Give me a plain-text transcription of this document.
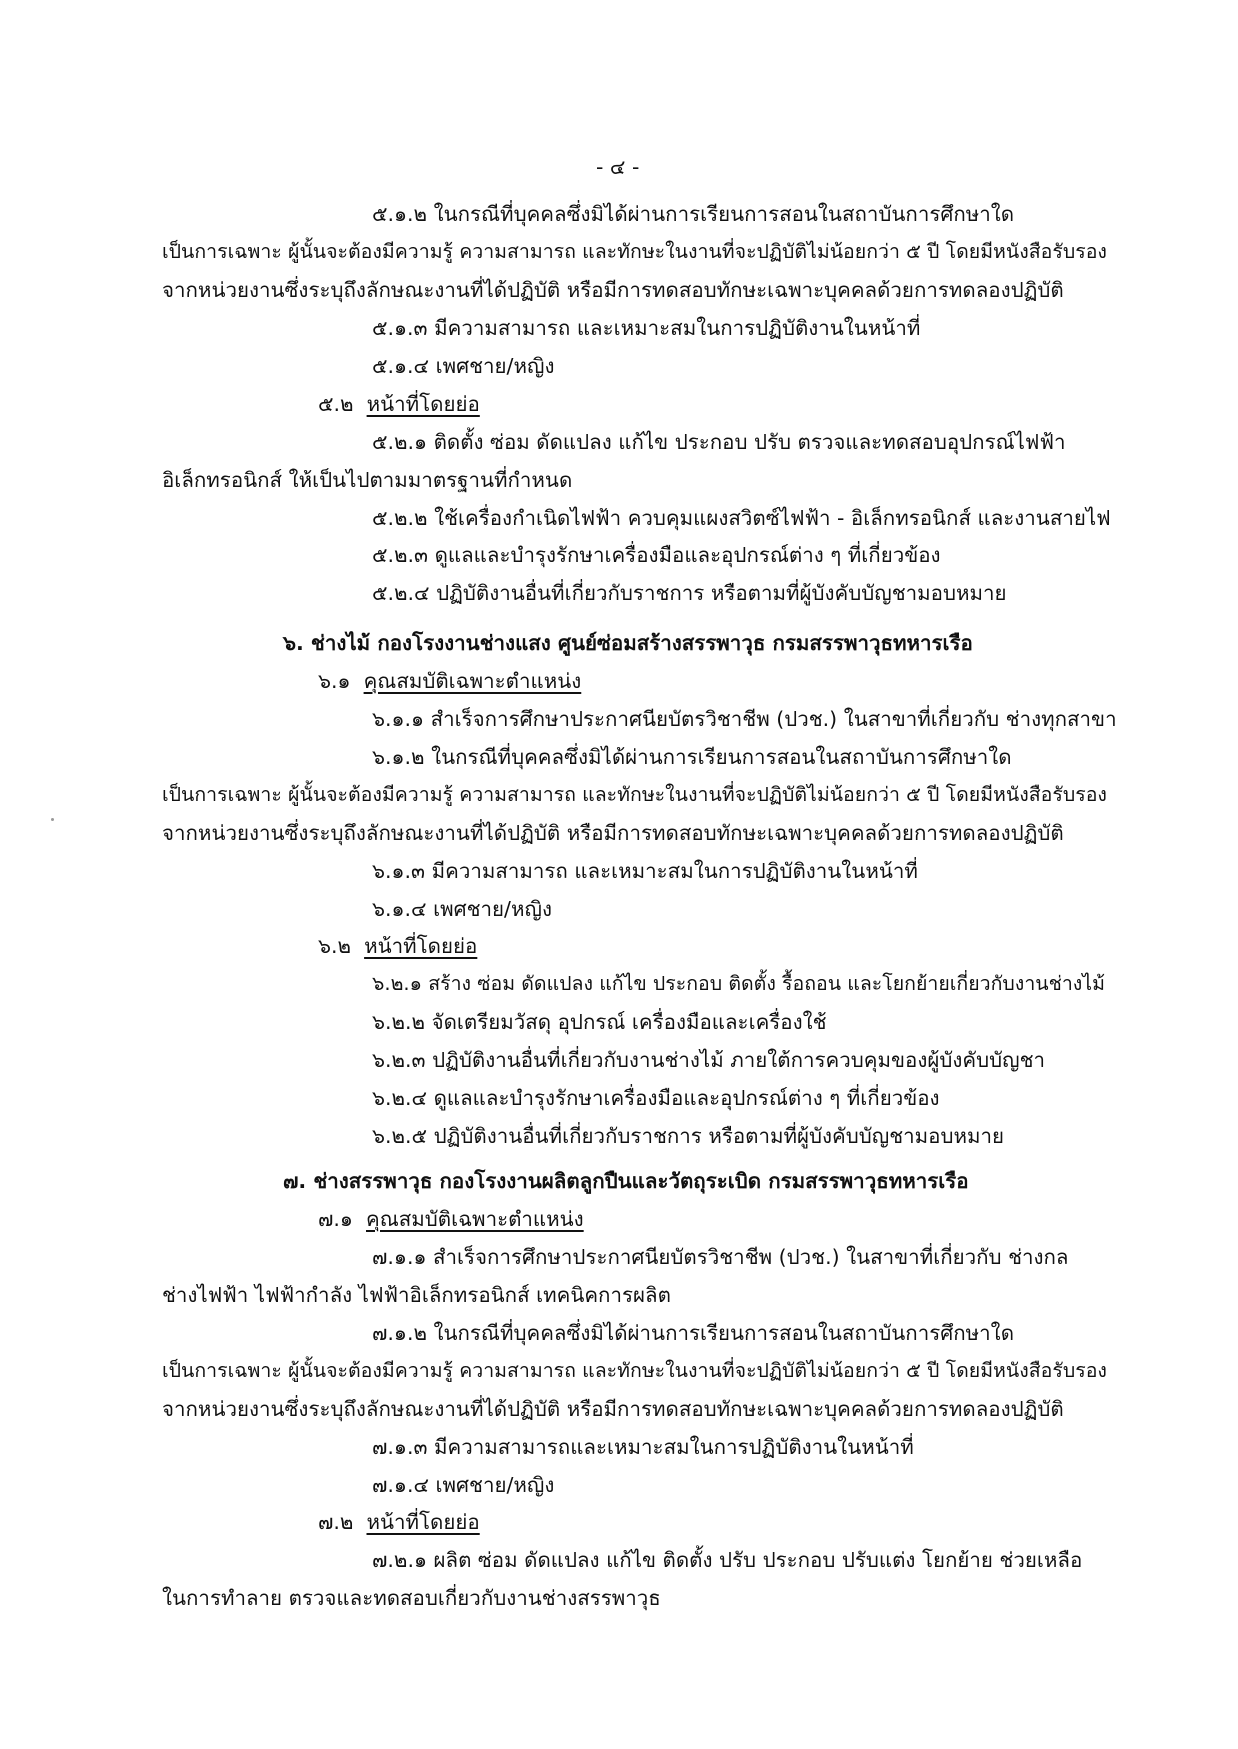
- ๔ -
๕.๑.๒ ในกรณีที่บุคคลซึ่งมิได้ผ่านการเรียนการสอนในสถาบันการศึกษาใด
เป็นการเฉพาะ ผู้นั้นจะต้องมีความรู้ ความสามารถ และทักษะในงานที่จะปฏิบัติไม่น้อยกว่า ๕ ปี โดยมีหนังสือรับรอง
จากหน่วยงานซึ่งระบุถึงลักษณะงานที่ได้ปฏิบัติ หรือมีการทดสอบทักษะเฉพาะบุคคลด้วยการทดลองปฏิบัติ
๕.๑.๓ มีความสามารถ และเหมาะสมในการปฏิบัติงานในหน้าที่
๕.๑.๔ เพศชาย/หญิง
๕.๒ หน้าที่โดยย่อ
๕.๒.๑ ติดตั้ง ซ่อม ดัดแปลง แก้ไข ประกอบ ปรับ ตรวจและทดสอบอุปกรณ์ไฟฟ้า
อิเล็กทรอนิกส์ ให้เป็นไปตามมาตรฐานที่กำหนด
๕.๒.๒ ใช้เครื่องกำเนิดไฟฟ้า ควบคุมแผงสวิตซ์ไฟฟ้า - อิเล็กทรอนิกส์ และงานสายไฟ
๕.๒.๓ ดูแลและบำรุงรักษาเครื่องมือและอุปกรณ์ต่าง ๆ ที่เกี่ยวข้อง
๕.๒.๔ ปฏิบัติงานอื่นที่เกี่ยวกับราชการ หรือตามที่ผู้บังคับบัญชามอบหมาย
๖. ช่างไม้ กองโรงงานช่างแสง ศูนย์ซ่อมสร้างสรรพาวุธ กรมสรรพาวุธทหารเรือ
๖.๑ คุณสมบัติเฉพาะตำแหน่ง
๖.๑.๑ สำเร็จการศึกษาประกาศนียบัตรวิชาชีพ (ปวช.) ในสาขาที่เกี่ยวกับ ช่างทุกสาขา
๖.๑.๒ ในกรณีที่บุคคลซึ่งมิได้ผ่านการเรียนการสอนในสถาบันการศึกษาใด
เป็นการเฉพาะ ผู้นั้นจะต้องมีความรู้ ความสามารถ และทักษะในงานที่จะปฏิบัติไม่น้อยกว่า ๕ ปี โดยมีหนังสือรับรอง
จากหน่วยงานซึ่งระบุถึงลักษณะงานที่ได้ปฏิบัติ หรือมีการทดสอบทักษะเฉพาะบุคคลด้วยการทดลองปฏิบัติ
๖.๑.๓ มีความสามารถ และเหมาะสมในการปฏิบัติงานในหน้าที่
๖.๑.๔ เพศชาย/หญิง
๖.๒ หน้าที่โดยย่อ
๖.๒.๑ สร้าง ซ่อม ดัดแปลง แก้ไข ประกอบ ติดตั้ง รื้อถอน และโยกย้ายเกี่ยวกับงานช่างไม้
๖.๒.๒ จัดเตรียมวัสดุ อุปกรณ์ เครื่องมือและเครื่องใช้
๖.๒.๓ ปฏิบัติงานอื่นที่เกี่ยวกับงานช่างไม้ ภายใต้การควบคุมของผู้บังคับบัญชา
๖.๒.๔ ดูแลและบำรุงรักษาเครื่องมือและอุปกรณ์ต่าง ๆ ที่เกี่ยวข้อง
๖.๒.๕ ปฏิบัติงานอื่นที่เกี่ยวกับราชการ หรือตามที่ผู้บังคับบัญชามอบหมาย
๗. ช่างสรรพาวุธ กองโรงงานผลิตลูกปืนและวัตถุระเบิด กรมสรรพาวุธทหารเรือ
๗.๑ คุณสมบัติเฉพาะตำแหน่ง
๗.๑.๑ สำเร็จการศึกษาประกาศนียบัตรวิชาชีพ (ปวช.) ในสาขาที่เกี่ยวกับ ช่างกล
ช่างไฟฟ้า ไฟฟ้ากำลัง ไฟฟ้าอิเล็กทรอนิกส์ เทคนิคการผลิต
๗.๑.๒ ในกรณีที่บุคคลซึ่งมิได้ผ่านการเรียนการสอนในสถาบันการศึกษาใด
เป็นการเฉพาะ ผู้นั้นจะต้องมีความรู้ ความสามารถ และทักษะในงานที่จะปฏิบัติไม่น้อยกว่า ๕ ปี โดยมีหนังสือรับรอง
จากหน่วยงานซึ่งระบุถึงลักษณะงานที่ได้ปฏิบัติ หรือมีการทดสอบทักษะเฉพาะบุคคลด้วยการทดลองปฏิบัติ
๗.๑.๓ มีความสามารถและเหมาะสมในการปฏิบัติงานในหน้าที่
๗.๑.๔ เพศชาย/หญิง
๗.๒ หน้าที่โดยย่อ
๗.๒.๑ ผลิต ซ่อม ดัดแปลง แก้ไข ติดตั้ง ปรับ ประกอบ ปรับแต่ง โยกย้าย ช่วยเหลือ
ในการทำลาย ตรวจและทดสอบเกี่ยวกับงานช่างสรรพาวุธ
